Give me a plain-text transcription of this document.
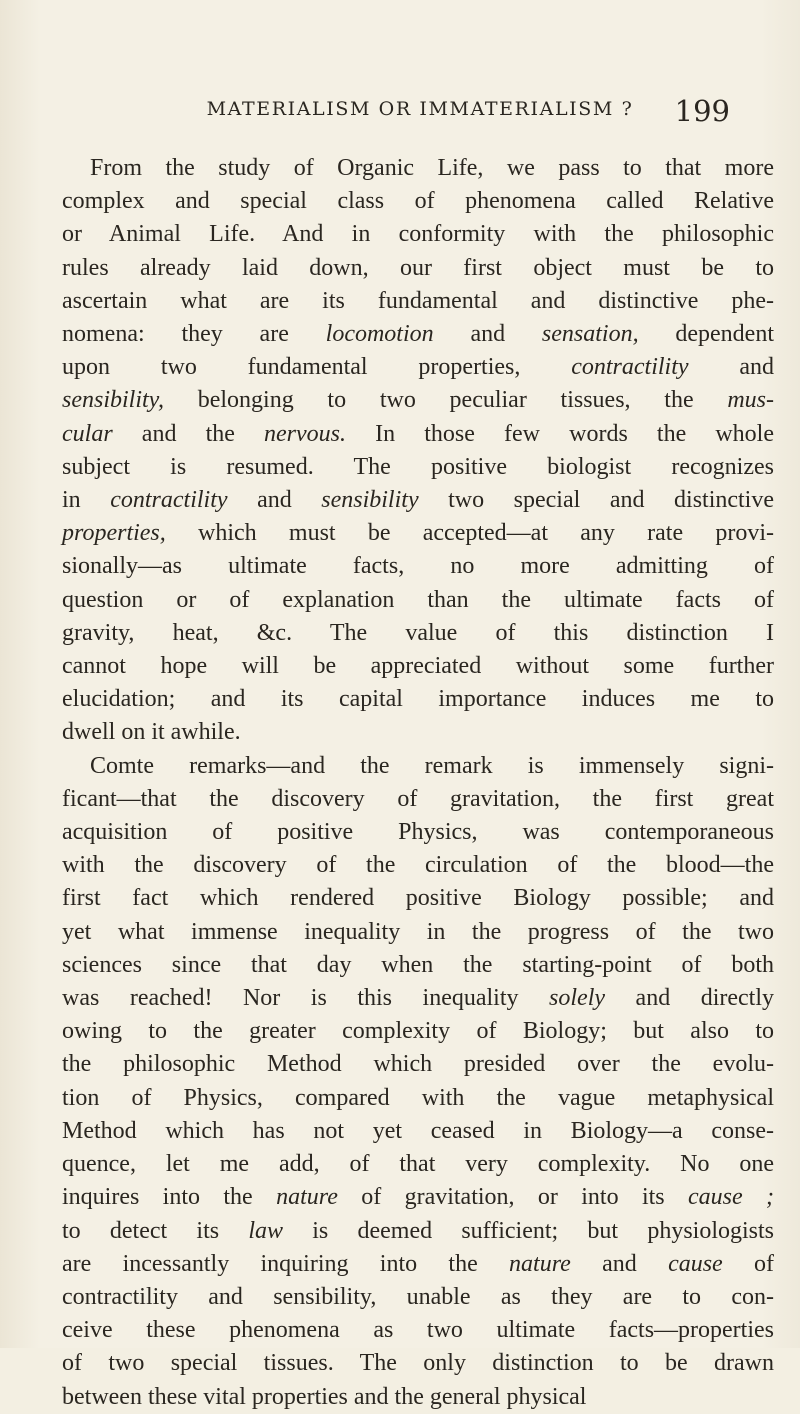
MATERIALISM OR IMMATERIALISM ?	199
From the study of Organic Life, we pass to that more
complex and special class of phenomena called Relative
or Animal Life. And in conformity with the philosophic
rules already laid down, our first object must be to
ascertain what are its fundamental and distinctive phe-
nomena: they are locomotion and sensation, dependent
upon two fundamental properties, contractility and
sensibility, belonging to two peculiar tissues, the mus-
cular and the nervous. In those few words the whole
subject is resumed. The positive biologist recognizes
in contractility and sensibility two special and distinctive
properties, which must be accepted—at any rate provi-
sionally—as ultimate facts, no more admitting of
question or of explanation than the ultimate facts of
gravity, heat, &c. The value of this distinction I
cannot hope will be appreciated without some further
elucidation; and its capital importance induces me to
dwell on it awhile.
Comte remarks—and the remark is immensely signi-
ficant—that the discovery of gravitation, the first great
acquisition of positive Physics, was contemporaneous
with the discovery of the circulation of the blood—the
first fact which rendered positive Biology possible; and
yet what immense inequality in the progress of the two
sciences since that day when the starting-point of both
was reached! Nor is this inequality solely and directly
owing to the greater complexity of Biology; but also to
the philosophic Method which presided over the evolu-
tion of Physics, compared with the vague metaphysical
Method which has not yet ceased in Biology—a conse-
quence, let me add, of that very complexity. No one
inquires into the nature of gravitation, or into its cause ;
to detect its law is deemed sufficient; but physiologists
are incessantly inquiring into the nature and cause of
contractility and sensibility, unable as they are to con-
ceive these phenomena as two ultimate facts—properties
of two special tissues. The only distinction to be drawn
between these vital properties and the general physical
